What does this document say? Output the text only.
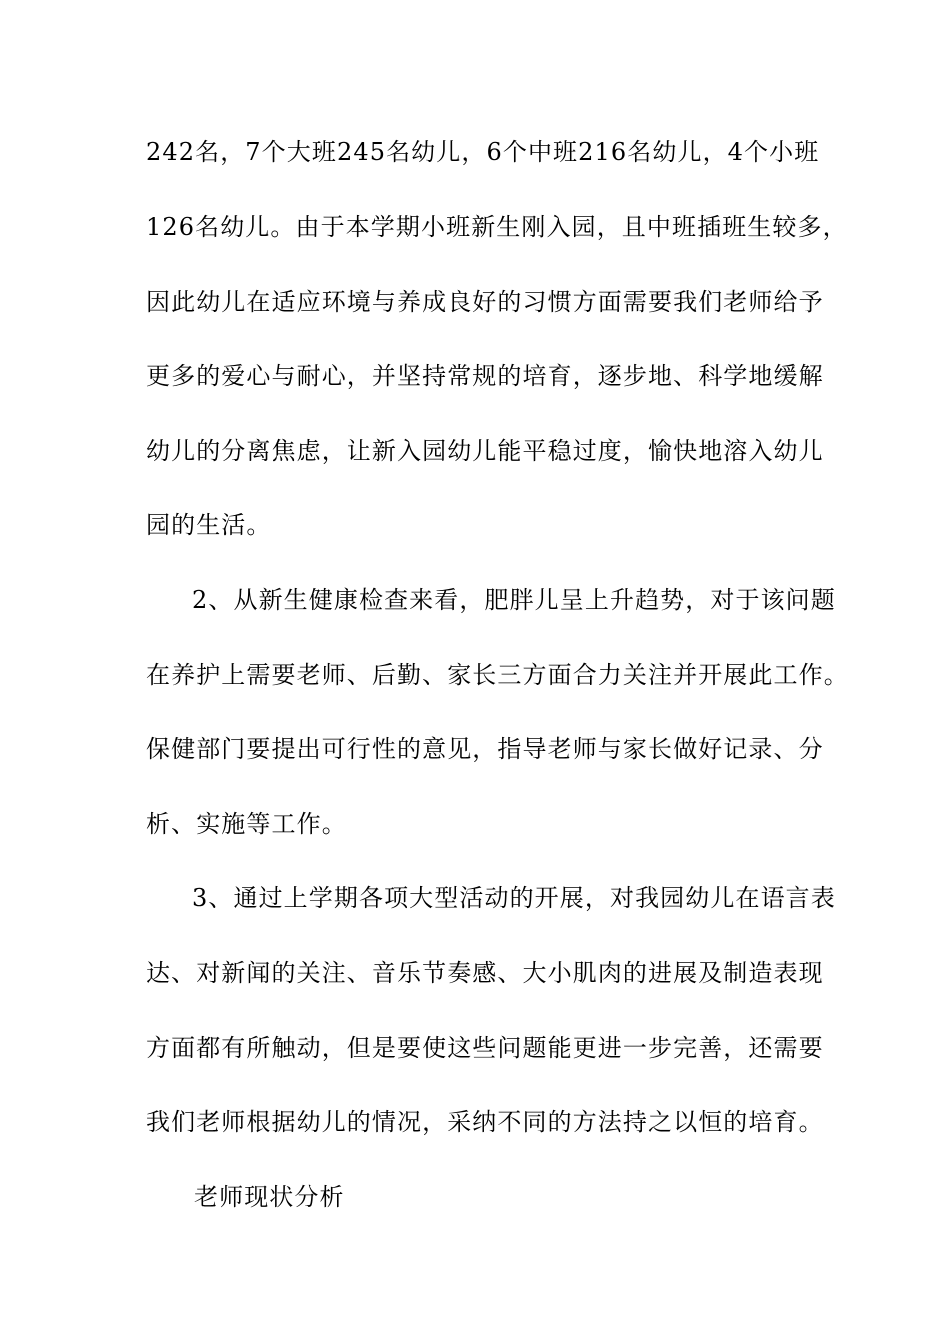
242名，7个大班245名幼儿，6个中班216名幼儿，4个小班
126名幼儿。由于本学期小班新生刚入园，且中班插班生较多，
因此幼儿在适应环境与养成良好的习惯方面需要我们老师给予
更多的爱心与耐心，并坚持常规的培育，逐步地、科学地缓解
幼儿的分离焦虑，让新入园幼儿能平稳过度，愉快地溶入幼儿
园的生活。
2、从新生健康检查来看，肥胖儿呈上升趋势，对于该问题
在养护上需要老师、后勤、家长三方面合力关注并开展此工作。
保健部门要提出可行性的意见，指导老师与家长做好记录、分
析、实施等工作。
3、通过上学期各项大型活动的开展，对我园幼儿在语言表
达、对新闻的关注、音乐节奏感、大小肌肉的进展及制造表现
方面都有所触动，但是要使这些问题能更进一步完善，还需要
我们老师根据幼儿的情况，采纳不同的方法持之以恒的培育。
老师现状分析
